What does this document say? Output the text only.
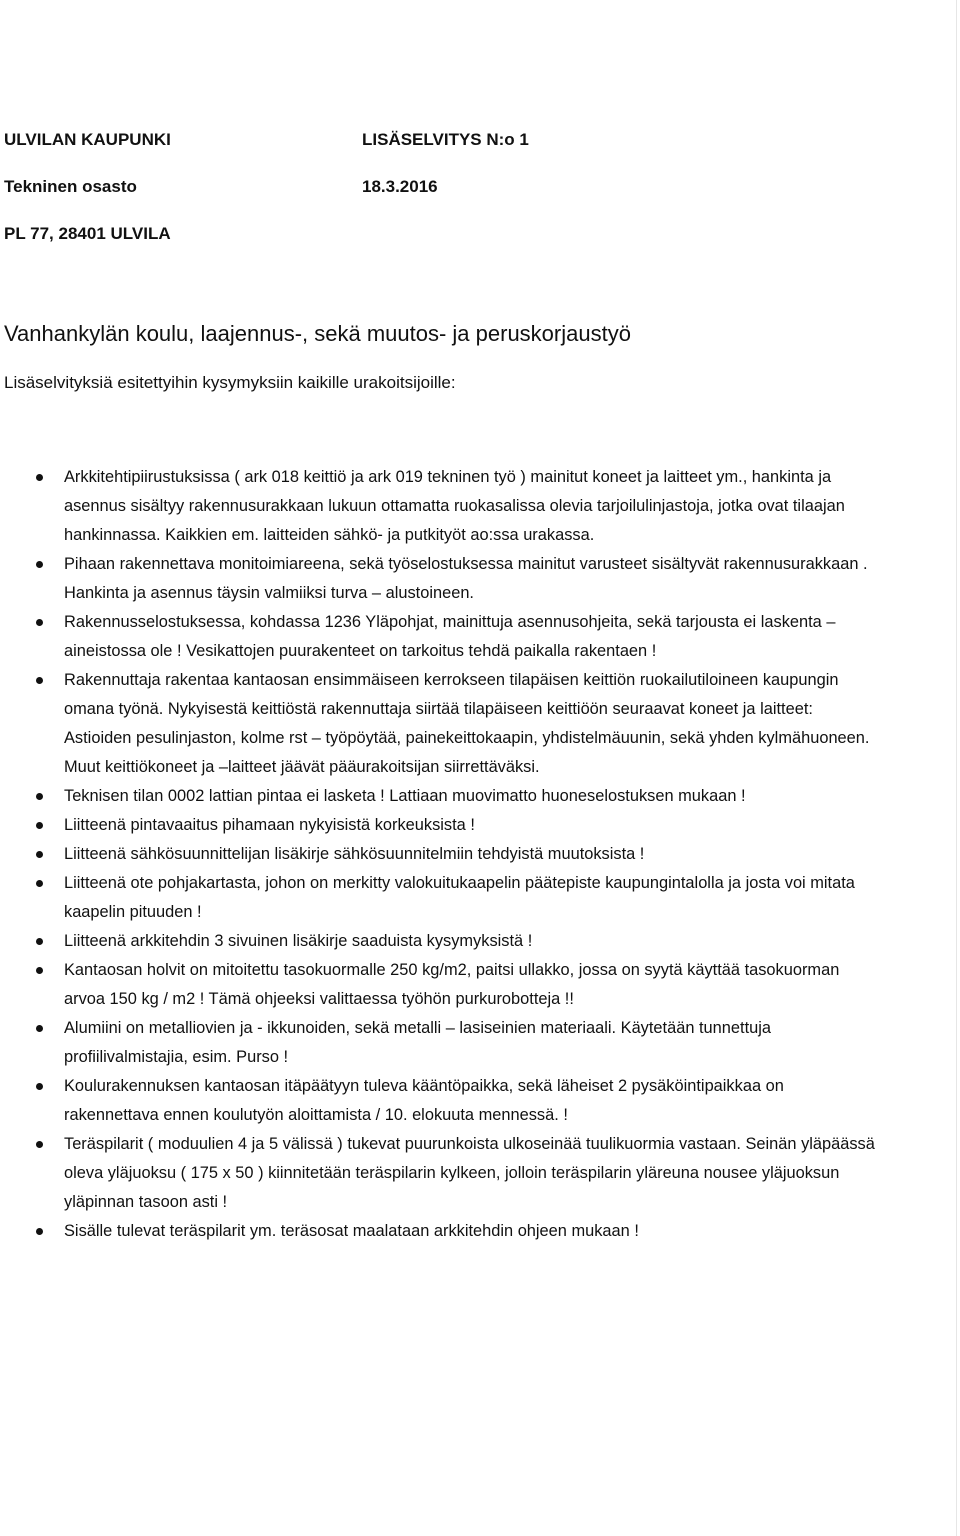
ULVILAN KAUPUNKI	LISÄSELVITYS N:o 1
Tekninen osasto	18.3.2016
PL 77, 28401 ULVILA
Vanhankylän koulu, laajennus-, sekä muutos- ja peruskorjaustyö
Lisäselvityksiä esitettyihin kysymyksiin kaikille urakoitsijoille:
Arkkitehtipiirustuksissa ( ark 018 keittiö ja ark 019 tekninen työ ) mainitut koneet ja laitteet ym., hankinta ja asennus sisältyy rakennusurakkaan lukuun ottamatta ruokasalissa olevia tarjoilulinjastoja, jotka ovat tilaajan hankinnassa. Kaikkien em. laitteiden sähkö- ja putkityöt ao:ssa urakassa.
Pihaan rakennettava monitoimiareena, sekä työselostuksessa mainitut varusteet sisältyvät rakennusurakkaan . Hankinta ja asennus täysin valmiiksi turva – alustoineen.
Rakennusselostuksessa, kohdassa 1236 Yläpohjat, mainittuja asennusohjeita, sekä tarjousta ei laskenta – aineistossa ole ! Vesikattojen puurakenteet on tarkoitus tehdä paikalla rakentaen !
Rakennuttaja rakentaa kantaosan ensimmäiseen kerrokseen tilapäisen keittiön ruokailutiloineen kaupungin omana työnä. Nykyisestä keittiöstä rakennuttaja siirtää tilapäiseen keittiöön seuraavat koneet ja laitteet: Astioiden pesulinjaston, kolme rst – työpöytää, painekeittokaapin, yhdistelmäuunin, sekä yhden kylmähuoneen. Muut keittiökoneet ja –laitteet jäävät pääurakoitsijan siirrettäväksi.
Teknisen tilan 0002 lattian pintaa ei lasketa ! Lattiaan muovimatto huoneselostuksen mukaan !
Liitteenä pintavaaitus pihamaan nykyisistä korkeuksista !
Liitteenä sähkösuunnittelijan lisäkirje sähkösuunnitelmiin tehdyistä muutoksista !
Liitteenä ote pohjakartasta, johon on merkitty valokuitukaapelin päätepiste kaupungintalolla ja josta voi mitata kaapelin pituuden !
Liitteenä arkkitehdin 3 sivuinen lisäkirje saaduista kysymyksistä !
Kantaosan holvit on mitoitettu tasokuormalle 250 kg/m2, paitsi ullakko, jossa on syytä käyttää tasokuorman arvoa 150 kg / m2 ! Tämä ohjeeksi valittaessa työhön purkurobotteja !!
Alumiini on metalliovien ja - ikkunoiden, sekä metalli – lasiseinien materiaali. Käytetään tunnettuja profiilivalmistajia, esim. Purso !
Koulurakennuksen kantaosan itäpäätyyn tuleva kääntöpaikka, sekä läheiset 2 pysäköintipaikkaa on rakennettava ennen koulutyön aloittamista / 10. elokuuta mennessä. !
Teräspilarit ( moduulien 4 ja 5 välissä ) tukevat puurunkoista ulkoseinää tuulikuormia vastaan. Seinän yläpäässä oleva yläjuoksu ( 175 x 50 ) kiinnitetään teräspilarin kylkeen, jolloin teräspilarin yläreuna nousee yläjuoksun yläpinnan tasoon asti !
Sisälle tulevat teräspilarit ym. teräsosat maalataan arkkitehdin ohjeen mukaan !
